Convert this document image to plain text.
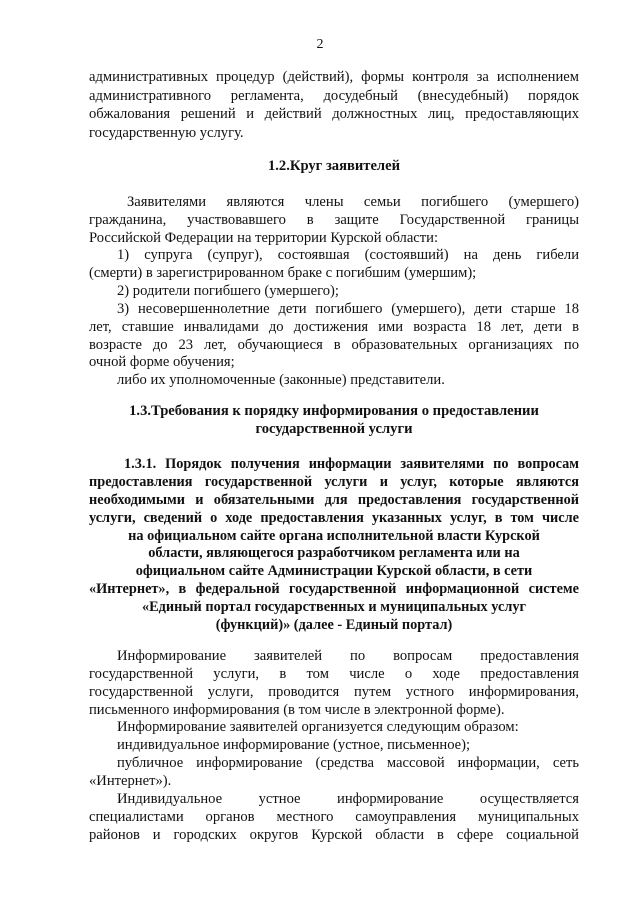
2
административных процедур (действий), формы контроля за исполнением
административного регламента, досудебный (внесудебный) порядок
обжалования решений и действий должностных лиц, предоставляющих
государственную услугу.
1.2.Круг заявителей
Заявителями являются члены семьи погибшего (умершего)
гражданина, участвовавшего в защите Государственной границы
Российской Федерации на территории Курской области:
1) супруга (супруг), состоявшая (состоявший) на день гибели
(смерти) в зарегистрированном браке с погибшим (умершим);
2) родители погибшего (умершего);
3) несовершеннолетние дети погибшего (умершего), дети старше 18
лет, ставшие инвалидами до достижения ими возраста 18 лет, дети в
возрасте до 23 лет, обучающиеся в образовательных организациях по
очной форме обучения;
либо их уполномоченные (законные) представители.
1.3.Требования к порядку информирования о предоставлении
государственной услуги
1.3.1. Порядок получения информации заявителями по вопросам
предоставления государственной услуги и услуг, которые являются
необходимыми и обязательными для предоставления государственной
услуги, сведений о ходе предоставления указанных услуг, в том числе
на официальном сайте органа исполнительной власти Курской
области, являющегося разработчиком регламента или на
официальном сайте Администрации Курской области, в сети
«Интернет», в федеральной государственной информационной системе
«Единый портал государственных и муниципальных услуг
(функций)» (далее - Единый портал)
Информирование заявителей по вопросам предоставления
государственной услуги, в том числе о ходе предоставления
государственной услуги, проводится путем устного информирования,
письменного информирования (в том числе в электронной форме).
Информирование заявителей организуется следующим образом:
индивидуальное информирование (устное, письменное);
публичное информирование (средства массовой информации, сеть
«Интернет»).
Индивидуальное устное информирование осуществляется
специалистами органов местного самоуправления муниципальных
районов и городских округов Курской области в сфере социальной
